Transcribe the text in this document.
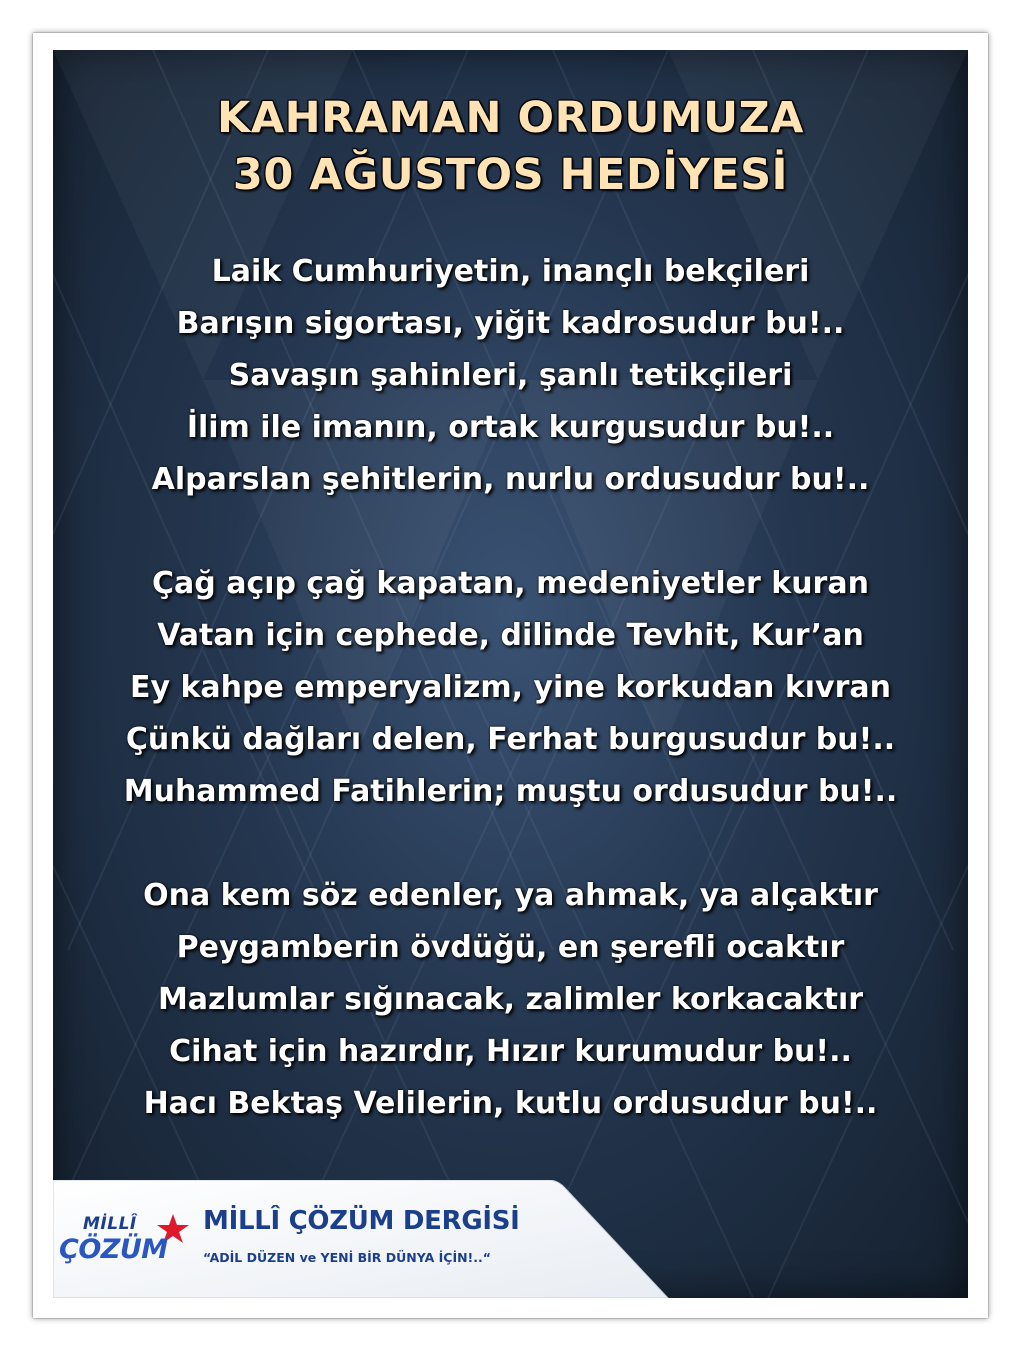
KAHRAMAN ORDUMUZA
30 AĞUSTOS HEDİYESİ
Laik Cumhuriyetin, inançlı bekçileri
Barışın sigortası, yiğit kadrosudur bu!..
Savaşın şahinleri, şanlı tetikçileri
İlim ile imanın, ortak kurgusudur bu!..
Alparslan şehitlerin, nurlu ordusudur bu!..
Çağ açıp çağ kapatan, medeniyetler kuran
Vatan için cephede, dilinde Tevhit, Kur’an
Ey kahpe emperyalizm, yine korkudan kıvran
Çünkü dağları delen, Ferhat burgusudur bu!..
Muhammed Fatihlerin; muştu ordusudur bu!..
Ona kem söz edenler, ya ahmak, ya alçaktır
Peygamberin övdüğü, en şerefli ocaktır
Mazlumlar sığınacak, zalimler korkacaktır
Cihat için hazırdır, Hızır kurumudur bu!..
Hacı Bektaş Velilerin, kutlu ordusudur bu!..
MİLLÎ
ÇÖZÜM
MİLLÎ ÇÖZÜM DERGİSİ
“ADİL DÜZEN ve YENİ BİR DÜNYA İÇİN!..“
